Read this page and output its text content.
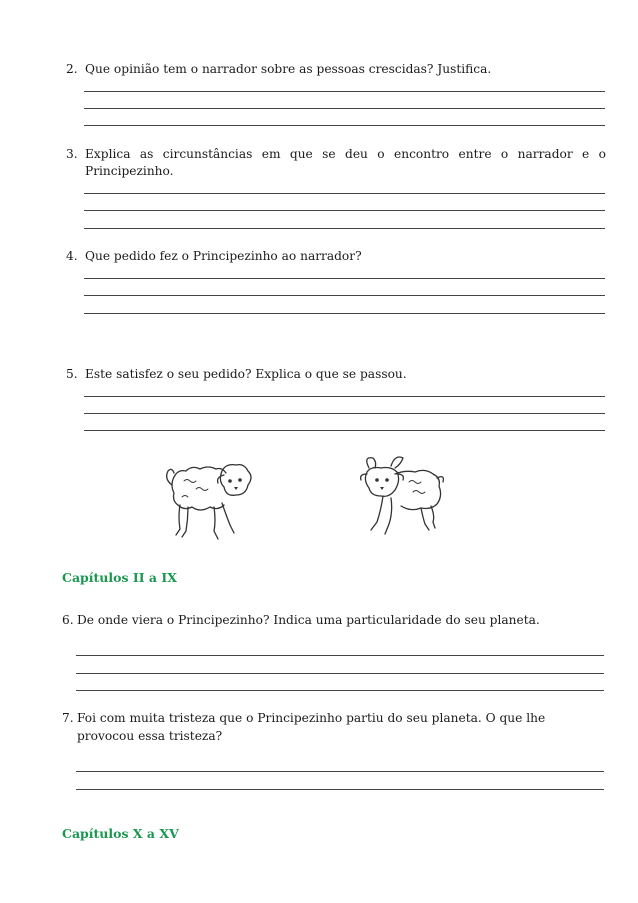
2. Que opinião tem o narrador sobre as pessoas crescidas? Justifica.
3. Explica as circunstâncias em que se deu o encontro entre o narrador e o
Principezinho.
4. Que pedido fez o Principezinho ao narrador?
5. Este satisfez o seu pedido? Explica o que se passou.
Capítulos II a IX
6. De onde viera o Principezinho? Indica uma particularidade do seu planeta.
7. Foi com muita tristeza que o Principezinho partiu do seu planeta. O que lhe
provocou essa tristeza?
Capítulos X a XV
